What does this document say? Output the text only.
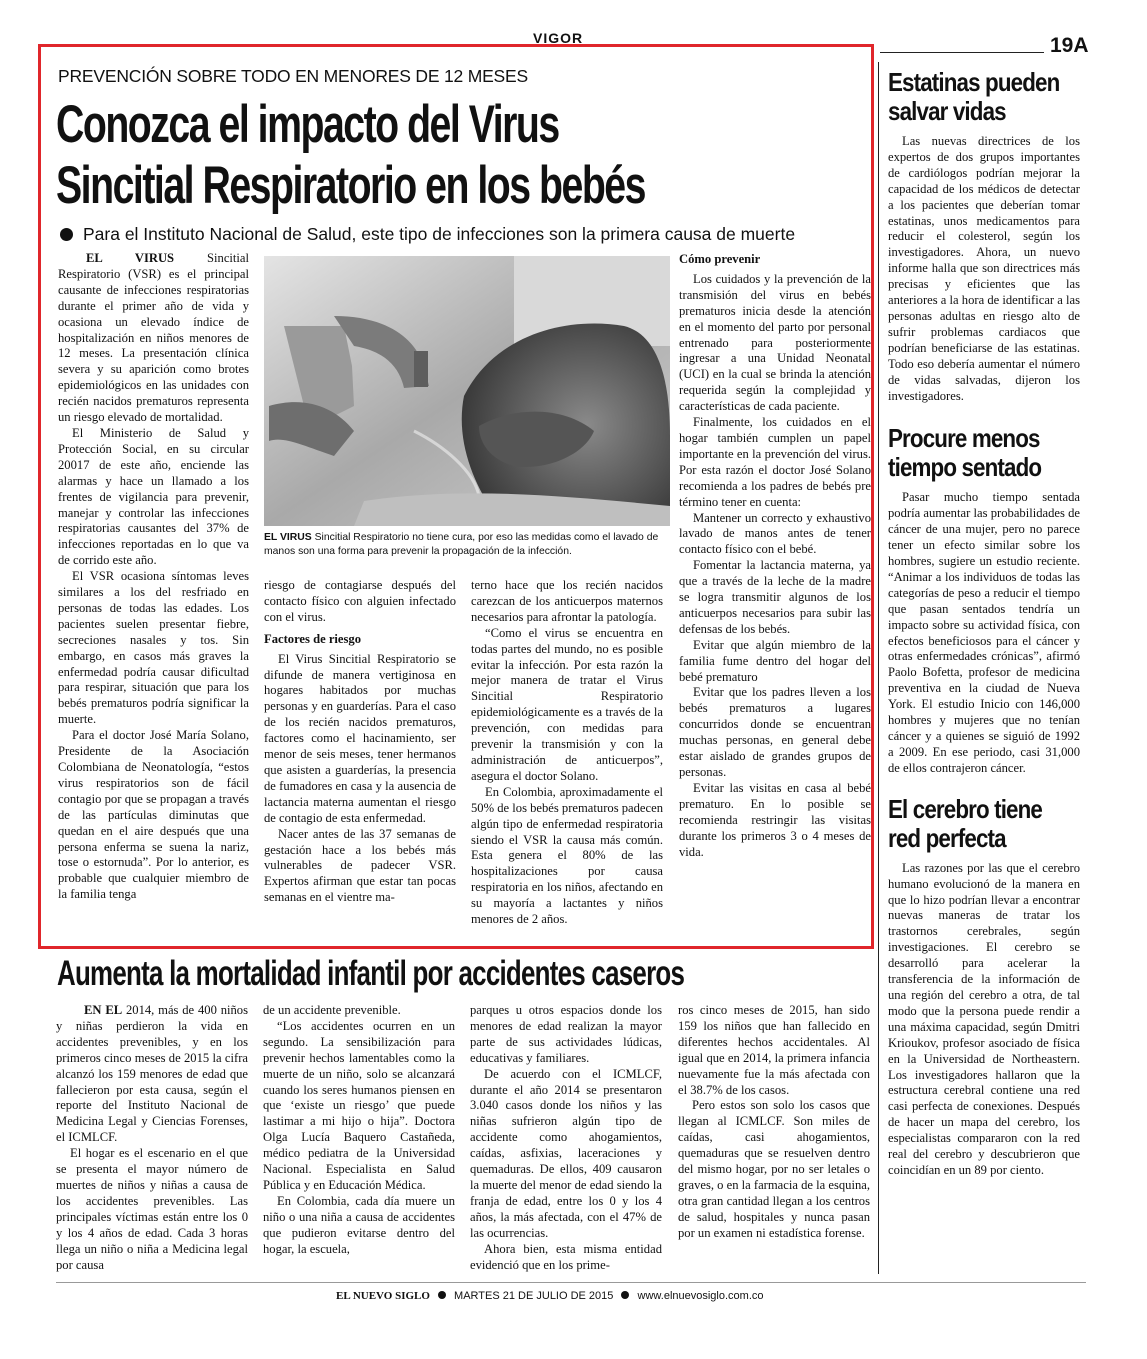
VIGOR	19A
PREVENCIÓN SOBRE TODO EN MENORES DE 12 MESES
Conozca el impacto del Virus
Sincitial Respiratorio en los bebés
Para el Instituto Nacional de Salud, este tipo de infecciones son la primera causa de muerte

EL VIRUS Sincitial Respiratorio (VSR) es el principal causante de infecciones respiratorias durante el primer año de vida y ocasiona un elevado índice de hospitalización en niños menores de 12 meses. La presentación clínica severa y su aparición como brotes epidemiológicos en las unidades con recién nacidos prematuros representa un riesgo elevado de mortalidad.

El Ministerio de Salud y Protección Social, en su circular 20017 de este año, enciende las alarmas y hace un llamado a los frentes de vigilancia para prevenir, manejar y controlar las infecciones respiratorias causantes del 37% de infecciones reportadas en lo que va de corrido este año.

El VSR ocasiona síntomas leves similares a los del resfriado en personas de todas las edades. Los pacientes suelen presentar fiebre, secreciones nasales y tos. Sin embargo, en casos más graves la enfermedad podría causar dificultad para respirar, situación que para los bebés prematuros podría significar la muerte.

Para el doctor José María Solano, Presidente de la Asociación Colombiana de Neonatología, “estos virus respiratorios son de fácil contagio por que se propagan a través de las partículas diminutas que quedan en el aire después que una persona enferma se suena la nariz, tose o estornuda”. Por lo anterior, es probable que cualquier miembro de la familia tenga

EL VIRUS Sincitial Respiratorio no tiene cura, por eso las medidas como el lavado de manos son una forma para prevenir la propagación de la infección.

riesgo de contagiarse después del contacto físico con alguien infectado con el virus.

Factores de riesgo

El Virus Sincitial Respiratorio se difunde de manera vertiginosa en hogares habitados por muchas personas y en guarderías. Para el caso de los recién nacidos prematuros, factores como el hacinamiento, ser menor de seis meses, tener hermanos que asisten a guarderías, la presencia de fumadores en casa y la ausencia de lactancia materna aumentan el riesgo de contagio de esta enfermedad.

Nacer antes de las 37 semanas de gestación hace a los bebés más vulnerables de padecer VSR. Expertos afirman que estar tan pocas semanas en el vientre ma-

terno hace que los recién nacidos carezcan de los anticuerpos maternos necesarios para afrontar la patología.

“Como el virus se encuentra en todas partes del mundo, no es posible evitar la infección. Por esta razón la mejor manera de tratar el Virus Sincitial Respiratorio epidemiológicamente es a través de la prevención, con medidas para prevenir la transmisión y con la administración de anticuerpos”, asegura el doctor Solano.

En Colombia, aproximadamente el 50% de los bebés prematuros padecen algún tipo de enfermedad respiratoria siendo el VSR la causa más común. Esta genera el 80% de las hospitalizaciones por causa respiratoria en los niños, afectando en su mayoría a lactantes y niños menores de 2 años.

Cómo prevenir

Los cuidados y la prevención de la transmisión del virus en bebés prematuros inicia desde la atención en el momento del parto por personal entrenado para posteriormente ingresar a una Unidad Neonatal (UCI) en la cual se brinda la atención requerida según la complejidad y características de cada paciente.

Finalmente, los cuidados en el hogar también cumplen un papel importante en la prevención del virus. Por esta razón el doctor José Solano recomienda a los padres de bebés pre término tener en cuenta:

Mantener un correcto y exhaustivo lavado de manos antes de tener contacto físico con el bebé.

Fomentar la lactancia materna, ya que a través de la leche de la madre se logra transmitir algunos de los anticuerpos necesarios para subir las defensas de los bebés.

Evitar que algún miembro de la familia fume dentro del hogar del bebé prematuro

Evitar que los padres lleven a los bebés prematuros a lugares concurridos donde se encuentran muchas personas, en general debe estar aislado de grandes grupos de personas.

Evitar las visitas en casa al bebé prematuro. En lo posible se recomienda restringir las visitas durante los primeros 3 o 4 meses de vida.

Estatinas pueden
salvar vidas

Las nuevas directrices de los expertos de dos grupos importantes de cardiólogos podrían mejorar la capacidad de los médicos de detectar a los pacientes que deberían tomar estatinas, unos medicamentos para reducir el colesterol, según los investigadores. Ahora, un nuevo informe halla que son directrices más precisas y eficientes que las anteriores a la hora de identificar a las personas adultas en riesgo alto de sufrir problemas cardiacos que podrían beneficiarse de las estatinas. Todo eso debería aumentar el número de vidas salvadas, dijeron los investigadores.

Procure menos
tiempo sentado

Pasar mucho tiempo sentada podría aumentar las probabilidades de cáncer de una mujer, pero no parece tener un efecto similar sobre los hombres, sugiere un estudio reciente. “Animar a los individuos de todas las categorías de peso a reducir el tiempo que pasan sentados tendría un impacto sobre su actividad física, con efectos beneficiosos para el cáncer y otras enfermedades crónicas”, afirmó Paolo Bofetta, profesor de medicina preventiva en la ciudad de Nueva York. El estudio Inicio con 146,000 hombres y mujeres que no tenían cáncer y a quienes se siguió de 1992 a 2009. En ese periodo, casi 31,000 de ellos contrajeron cáncer.

El cerebro tiene
red perfecta

Las razones por las que el cerebro humano evolucionó de la manera en que lo hizo podrían llevar a encontrar nuevas maneras de tratar los trastornos cerebrales, según investigaciones. El cerebro se desarrolló para acelerar la transferencia de la información de una región del cerebro a otra, de tal modo que la persona puede rendir a una máxima capacidad, según Dmitri Krioukov, profesor asociado de física en la Universidad de Northeastern. Los investigadores hallaron que la estructura cerebral contiene una red casi perfecta de conexiones. Después de hacer un mapa del cerebro, los especialistas compararon con la red real del cerebro y descubrieron que coincidían en un 89 por ciento.

Aumenta la mortalidad infantil por accidentes caseros

EN EL 2014, más de 400 niños y niñas perdieron la vida en accidentes prevenibles, y en los primeros cinco meses de 2015 la cifra alcanzó los 159 menores de edad que fallecieron por esta causa, según el reporte del Instituto Nacional de Medicina Legal y Ciencias Forenses, el ICMLCF.

El hogar es el escenario en el que se presenta el mayor número de muertes de niños y niñas a causa de los accidentes prevenibles. Las principales víctimas están entre los 0 y los 4 años de edad. Cada 3 horas llega un niño o niña a Medicina legal por causa

de un accidente prevenible.

“Los accidentes ocurren en un segundo. La sensibilización para prevenir hechos lamentables como la muerte de un niño, solo se alcanzará cuando los seres humanos piensen en que ‘existe un riesgo’ que puede lastimar a mi hijo o hija”. Doctora Olga Lucía Baquero Castañeda, médico pediatra de la Universidad Nacional. Especialista en Salud Pública y en Educación Médica.

En Colombia, cada día muere un niño o una niña a causa de accidentes que pudieron evitarse dentro del hogar, la escuela,

parques u otros espacios donde los menores de edad realizan la mayor parte de sus actividades lúdicas, educativas y familiares.

De acuerdo con el ICMLCF, durante el año 2014 se presentaron 3.040 casos donde los niños y las niñas sufrieron algún tipo de accidente como ahogamientos, caídas, asfixias, laceraciones y quemaduras. De ellos, 409 causaron la muerte del menor de edad siendo la franja de edad, entre los 0 y los 4 años, la más afectada, con el 47% de las ocurrencias.

Ahora bien, esta misma entidad evidenció que en los prime-

ros cinco meses de 2015, han sido 159 los niños que han fallecido en diferentes hechos accidentales. Al igual que en 2014, la primera infancia nuevamente fue la más afectada con el 38.7% de los casos.

Pero estos son solo los casos que llegan al ICMLCF. Son miles de caídas, casi ahogamientos, quemaduras que se resuelven dentro del mismo hogar, por no ser letales o graves, o en la farmacia de la esquina, otra gran cantidad llegan a los centros de salud, hospitales y nunca pasan por un examen ni estadística forense.

EL NUEVO SIGLO MARTES 21 DE JULIO DE 2015 www.elnuevosiglo.com.co
